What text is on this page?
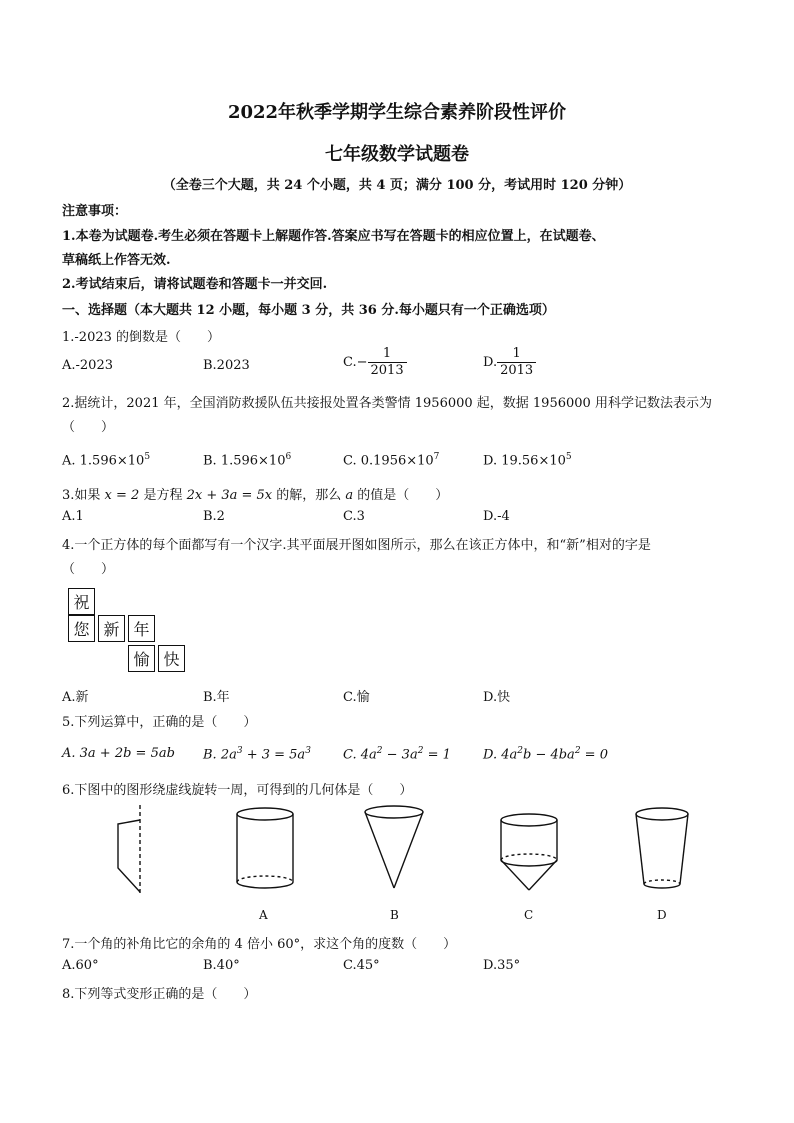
2022年秋季学期学生综合素养阶段性评价
七年级数学试题卷
（全卷三个大题，共 24 个小题，共 4 页；满分 100 分，考试用时 120 分钟）
注意事项：
1.本卷为试题卷.考生必须在答题卡上解题作答.答案应书写在答题卡的相应位置上，在试题卷、
草稿纸上作答无效.
2.考试结束后，请将试题卷和答题卡一并交回.
一、选择题（本大题共 12 小题，每小题 3 分，共 36 分.每小题只有一个正确选项）
1.-2023 的倒数是（　　）
A.-2023	B.2023	$C.- \frac{1}{2013}$	D. $\frac{1}{2013}$
2.据统计，2021 年，全国消防救援队伍共接报处置各类警情 1956000 起，数据 1956000 用科学记数法表示为
（　　）
A. $1.596\times 10^5$	B. $1.596\times 10^6$	C. $0.1956\times 10^7$	D. $19.56\times 10^5$
3.如果 x = 2 是方程 2x + 3a = 5x 的解，那么 a 的值是（　　）
A.1	B.2	C.3	D.-4
4.一个正方体的每个面都写有一个汉字.其平面展开图如图所示，那么在该正方体中，和“新”相对的字是
（　　）
祝
您 新 年
愉 快
A.新	B.年	C.愉	D.快
5.下列运算中，正确的是（　　）
A. 3a + 2b = 5ab B. $2a^3 + 3 = 5a^3$ C. $4a^2 - 3a^2 = 1$ D. $4a^2b - 4ba^2 = 0$
6.下图中的图形绕虚线旋转一周，可得到的几何体是（　　）
A	B	C	D
7.一个角的补角比它的余角的 4 倍小 60°，求这个角的度数（　　）
A.60°	B.40°	C.45°	D.35°
8.下列等式变形正确的是（　　）
